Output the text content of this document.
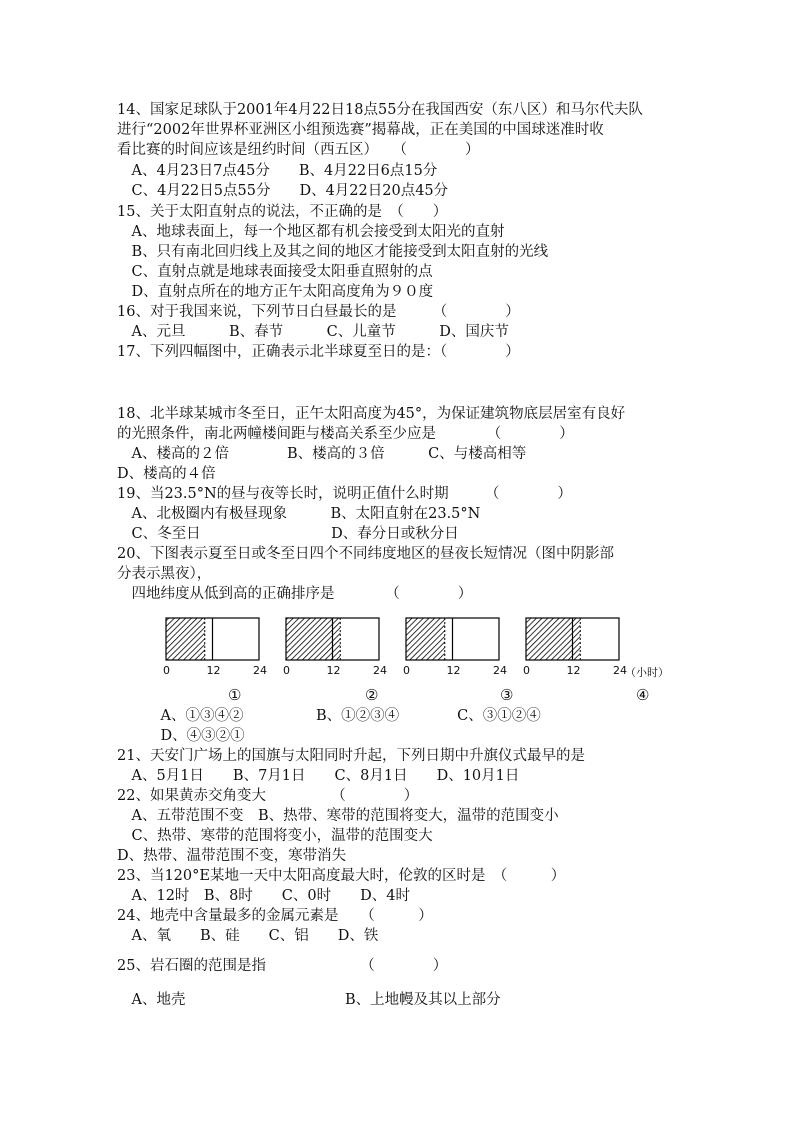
14、国家足球队于2001年4月22日18点55分在我国西安（东八区）和马尔代夫队
进行“2002年世界杯亚洲区小组预选赛”揭幕战，正在美国的中国球迷准时收
看比赛的时间应该是纽约时间（西五区）　　（　　　　）
　A、4月23日7点45分　　B、4月22日6点15分
　C、4月22日5点55分　　D、4月22日20点45分
15、关于太阳直射点的说法，不正确的是　（　　）
　A、地球表面上，每一个地区都有机会接受到太阳光的直射
　B、只有南北回归线上及其之间的地区才能接受到太阳直射的光线
　C、直射点就是地球表面接受太阳垂直照射的点
　D、直射点所在的地方正午太阳高度角为９０度
16、对于我国来说，下列节日白昼最长的是　　　（　　　　）
　A、元旦　　　B、春节　　　C、儿童节　　　D、国庆节
17、下列四幅图中，正确表示北半球夏至日的是：（　　　　）
18、北半球某城市冬至日，正午太阳高度为45°，为保证建筑物底层居室有良好
的光照条件，南北两幢楼间距与楼高关系至少应是　　　　（　　　　）
　A、楼高的２倍　　　　B、楼高的３倍　　　C、与楼高相等
D、楼高的４倍
19、当23.5°N的昼与夜等长时，说明正值什么时期　　　（　　　　）
　A、北极圈内有极昼现象　　　B、太阳直射在23.5°N
　C、冬至日　　　　　　　　　D、春分日或秋分日
20、下图表示夏至日或冬至日四个不同纬度地区的昼夜长短情况（图中阴影部
分表示黑夜），
　四地纬度从低到高的正确排序是　　　　（　　　　）
0	12	24
①
0	12	24
②
0	12	24
③
0	12	24
（小时）
④
　　　A、①③④②　　　　　B、①②③④　　　　C、③①②④
　　　D、④③②①
21、天安门广场上的国旗与太阳同时升起，下列日期中升旗仪式最早的是
　A、5月1日　　B、7月1日　　C、8月1日　　D、10月1日
22、如果黄赤交角变大　　　　　（　　　　）
　A、五带范围不变　B、热带、寒带的范围将变大，温带的范围变小
　C、热带、寒带的范围将变小，温带的范围变大
D、热带、温带范围不变，寒带消失
23、当120°E某地一天中太阳高度最大时，伦敦的区时是　（　　　）
　A、12时　B、8时　　C、0时　　D、4时
24、地壳中含量最多的金属元素是　　（　　　）
　A、氧　　B、硅　　C、铝　　D、铁
25、岩石圈的范围是指　　　　　　　（　　　　）
　A、地壳　　　　　　　　　　　B、上地幔及其以上部分
